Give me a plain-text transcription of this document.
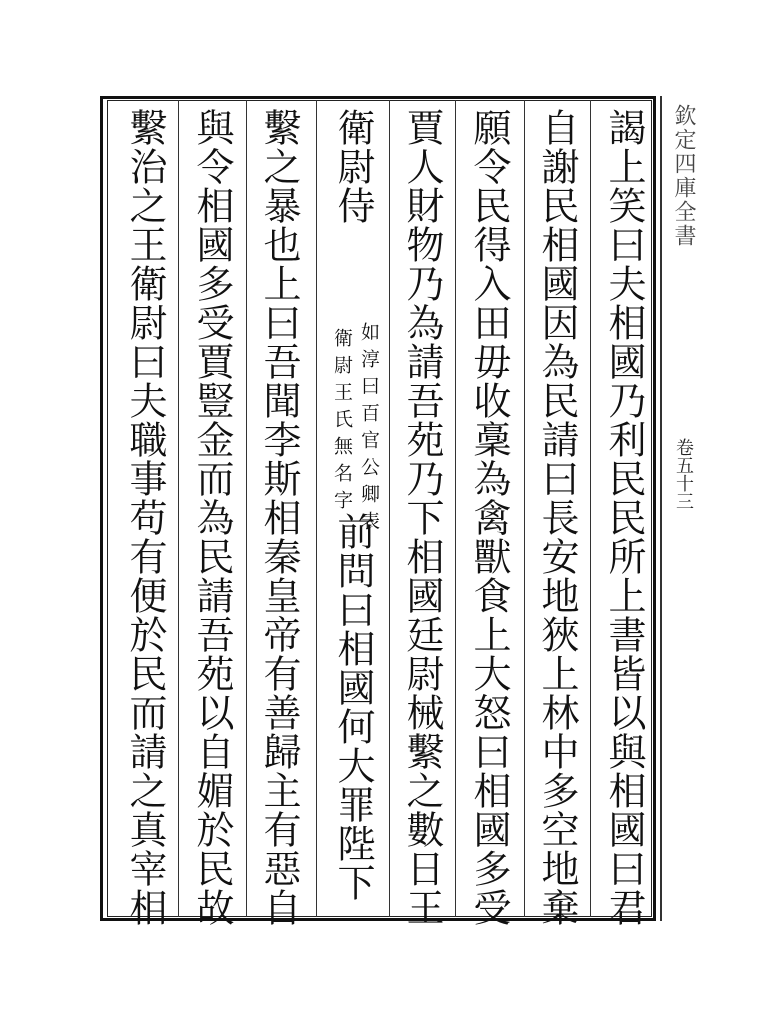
欽定四庫全書
卷五十三
謁上笑曰夫相國乃利民民所上書皆以與相國曰君
自謝民相國因為民請曰長安地狹上林中多空地棄
願令民得入田毋收稾為禽獸食上大怒曰相國多受
賈人財物乃為請吾苑乃下相國廷尉械繫之數日王
衛尉侍
如淳曰百官公卿表
衛尉王氏無名字
前問曰相國何大罪陛下
繫之暴也上曰吾聞李斯相秦皇帝有善歸主有惡自
與令相國多受賈豎金而為民請吾苑以自媚於民故
繫治之王衛尉曰夫職事苟有便於民而請之真宰相
